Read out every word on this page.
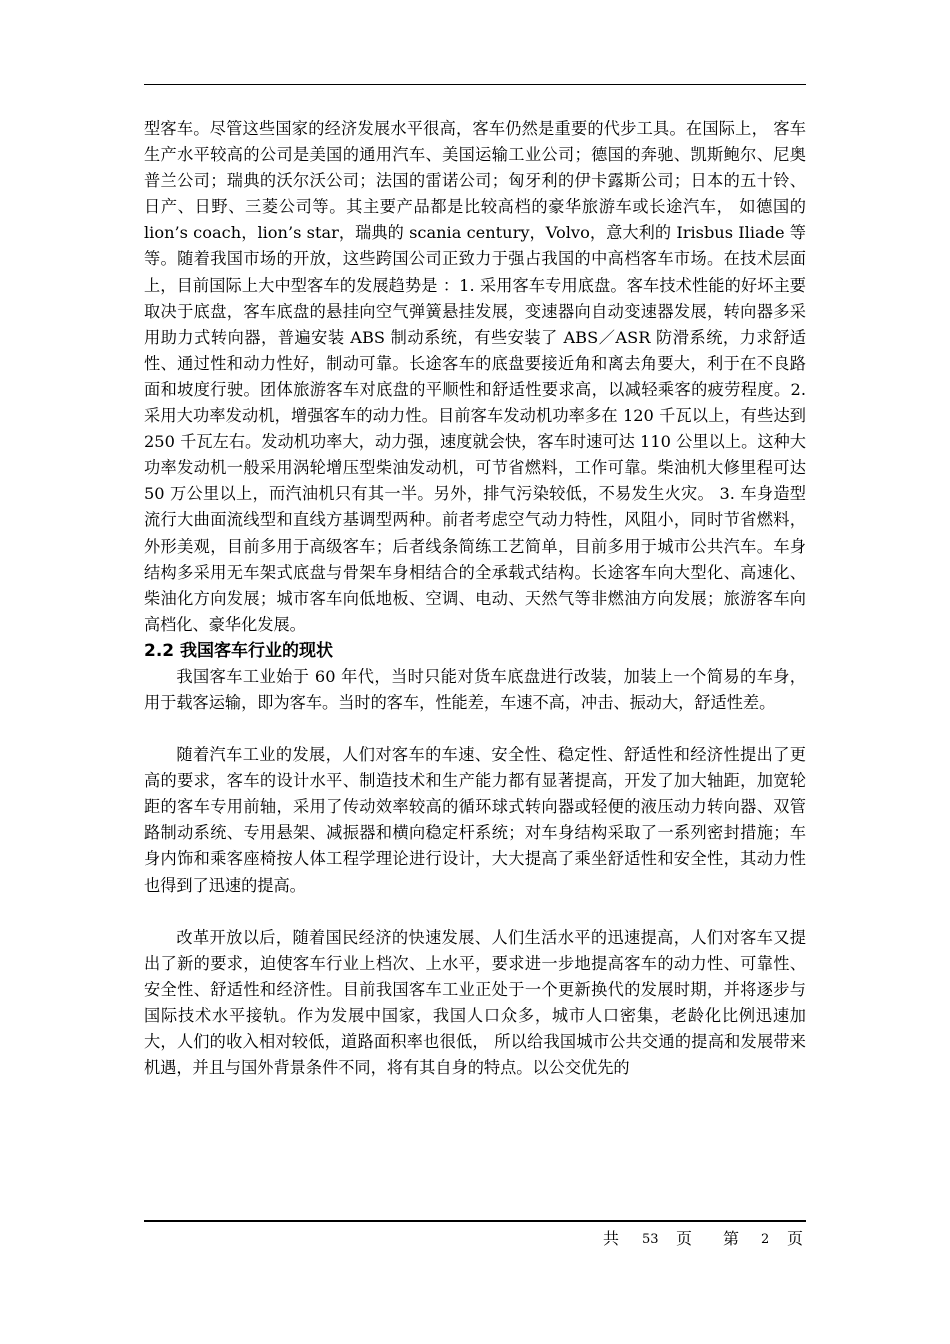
型客车。尽管这些国家的经济发展水平很高，客车仍然是重要的代步工具。在国际上， 客车生产水平较高的公司是美国的通用汽车、美国运输工业公司；德国的奔驰、凯斯鲍尔、尼奥普兰公司；瑞典的沃尔沃公司；法国的雷诺公司；匈牙利的伊卡露斯公司；日本的五十铃、日产、日野、三菱公司等。其主要产品都是比较高档的豪华旅游车或长途汽车， 如德国的 lion’s coach，lion’s star，瑞典的 scania century，Volvo，意大利的 Irisbus Iliade 等等。随着我国市场的开放，这些跨国公司正致力于强占我国的中高档客车市场。在技术层面上，目前国际上大中型客车的发展趋势是 ：1. 采用客车专用底盘。客车技术性能的好坏主要取决于底盘，客车底盘的悬挂向空气弹簧悬挂发展，变速器向自动变速器发展，转向器多采用助力式转向器，普遍安装 ABS 制动系统，有些安装了 ABS／ASR 防滑系统，力求舒适性、通过性和动力性好，制动可靠。长途客车的底盘要接近角和离去角要大，利于在不良路面和坡度行驶。团体旅游客车对底盘的平顺性和舒适性要求高，以减轻乘客的疲劳程度。2. 采用大功率发动机，增强客车的动力性。目前客车发动机功率多在 120 千瓦以上，有些达到 250 千瓦左右。发动机功率大，动力强，速度就会快，客车时速可达 110 公里以上。这种大功率发动机一般采用涡轮增压型柴油发动机，可节省燃料，工作可靠。柴油机大修里程可达 50 万公里以上，而汽油机只有其一半。另外，排气污染较低，不易发生火灾。 3. 车身造型流行大曲面流线型和直线方基调型两种。前者考虑空气动力特性，风阻小，同时节省燃料，外形美观，目前多用于高级客车；后者线条简练工艺简单，目前多用于城市公共汽车。车身结构多采用无车架式底盘与骨架车身相结合的全承载式结构。长途客车向大型化、高速化、柴油化方向发展；城市客车向低地板、空调、电动、天然气等非燃油方向发展；旅游客车向高档化、豪华化发展。

2.2 我国客车行业的现状

我国客车工业始于 60 年代，当时只能对货车底盘进行改装，加装上一个简易的车身，用于载客运输，即为客车。当时的客车，性能差，车速不高，冲击、振动大，舒适性差。

随着汽车工业的发展，人们对客车的车速、安全性、稳定性、舒适性和经济性提出了更高的要求，客车的设计水平、制造技术和生产能力都有显著提高，开发了加大轴距，加宽轮距的客车专用前轴，采用了传动效率较高的循环球式转向器或轻便的液压动力转向器、双管路制动系统、专用悬架、减振器和横向稳定杆系统；对车身结构采取了一系列密封措施；车身内饰和乘客座椅按人体工程学理论进行设计，大大提高了乘坐舒适性和安全性，其动力性也得到了迅速的提高。

改革开放以后，随着国民经济的快速发展、人们生活水平的迅速提高，人们对客车又提出了新的要求，迫使客车行业上档次、上水平，要求进一步地提高客车的动力性、可靠性、安全性、舒适性和经济性。目前我国客车工业正处于一个更新换代的发展时期，并将逐步与国际技术水平接轨。作为发展中国家，我国人口众多，城市人口密集，老龄化比例迅速加大，人们的收入相对较低，道路面积率也很低， 所以给我国城市公共交通的提高和发展带来机遇，并且与国外背景条件不同，将有其自身的特点。以公交优先的

共 53 页 第 2 页
